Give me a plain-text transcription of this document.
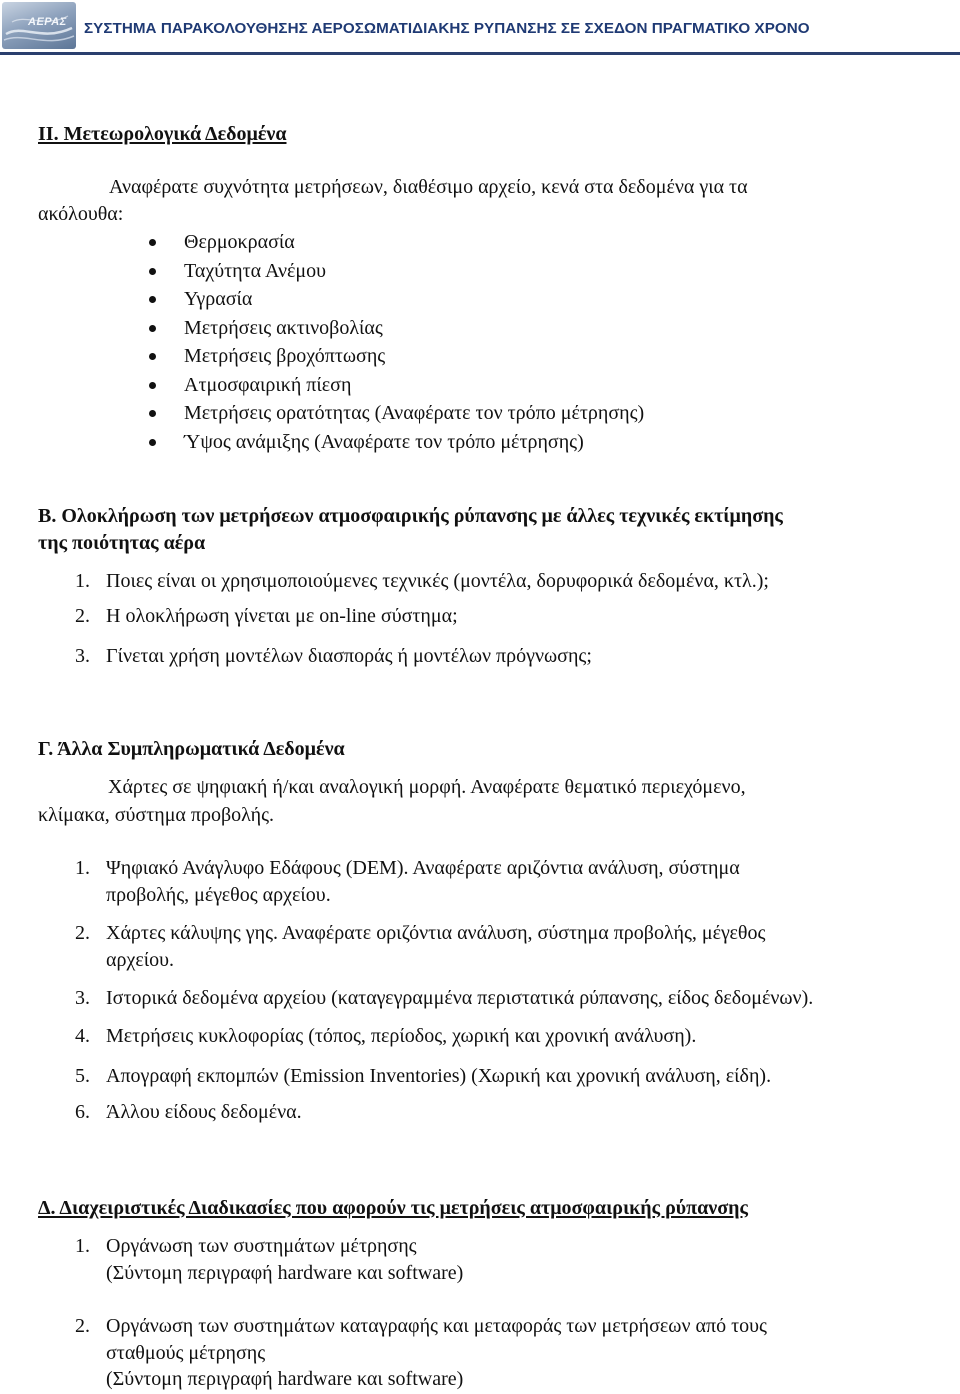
ΑΕΡΑΣ ΣΥΣΤΗΜΑ ΠΑΡΑΚΟΛΟΥΘΗΣΗΣ ΑΕΡΟΣΩΜΑΤΙΔΙΑΚΗΣ ΡΥΠΑΝΣΗΣ ΣΕ ΣΧΕΔΟΝ ΠΡΑΓΜΑΤΙΚΟ ΧΡΟΝΟ
ΙΙ. Μετεωρολογικά Δεδομένα
Αναφέρατε συχνότητα μετρήσεων, διαθέσιμο αρχείο, κενά στα δεδομένα για τα
ακόλουθα:
Θερμοκρασία
Ταχύτητα Ανέμου
Υγρασία
Μετρήσεις ακτινοβολίας
Μετρήσεις βροχόπτωσης
Ατμοσφαιρική πίεση
Μετρήσεις ορατότητας (Αναφέρατε τον τρόπο μέτρησης)
Ύψος ανάμιξης (Αναφέρατε τον τρόπο μέτρησης)
Β. Ολοκλήρωση των μετρήσεων ατμοσφαιρικής ρύπανσης με άλλες τεχνικές εκτίμησης
της ποιότητας αέρα
1. Ποιες είναι οι χρησιμοποιούμενες τεχνικές (μοντέλα, δορυφορικά δεδομένα, κτλ.);
2. Η ολοκλήρωση γίνεται με on-line σύστημα;
3. Γίνεται χρήση μοντέλων διασποράς ή μοντέλων πρόγνωσης;
Γ. Άλλα Συμπληρωματικά Δεδομένα
Χάρτες σε ψηφιακή ή/και αναλογική μορφή. Αναφέρατε θεματικό περιεχόμενο,
κλίμακα, σύστημα προβολής.
1. Ψηφιακό Ανάγλυφο Εδάφους (DEM). Αναφέρατε αριζόντια ανάλυση, σύστημα
προβολής, μέγεθος αρχείου.
2. Χάρτες κάλυψης γης. Αναφέρατε οριζόντια ανάλυση, σύστημα προβολής, μέγεθος
αρχείου.
3. Ιστορικά δεδομένα αρχείου (καταγεγραμμένα περιστατικά ρύπανσης, είδος δεδομένων).
4. Μετρήσεις κυκλοφορίας (τόπος, περίοδος, χωρική και χρονική ανάλυση).
5. Απογραφή εκπομπών (Emission Inventories) (Χωρική και χρονική ανάλυση, είδη).
6. Άλλου είδους δεδομένα.
Δ. Διαχειριστικές Διαδικασίες που αφορούν τις μετρήσεις ατμοσφαιρικής ρύπανσης
1. Οργάνωση των συστημάτων μέτρησης
(Σύντομη περιγραφή hardware και software)
2. Οργάνωση των συστημάτων καταγραφής και μεταφοράς των μετρήσεων από τους
σταθμούς μέτρησης
(Σύντομη περιγραφή hardware και software)
